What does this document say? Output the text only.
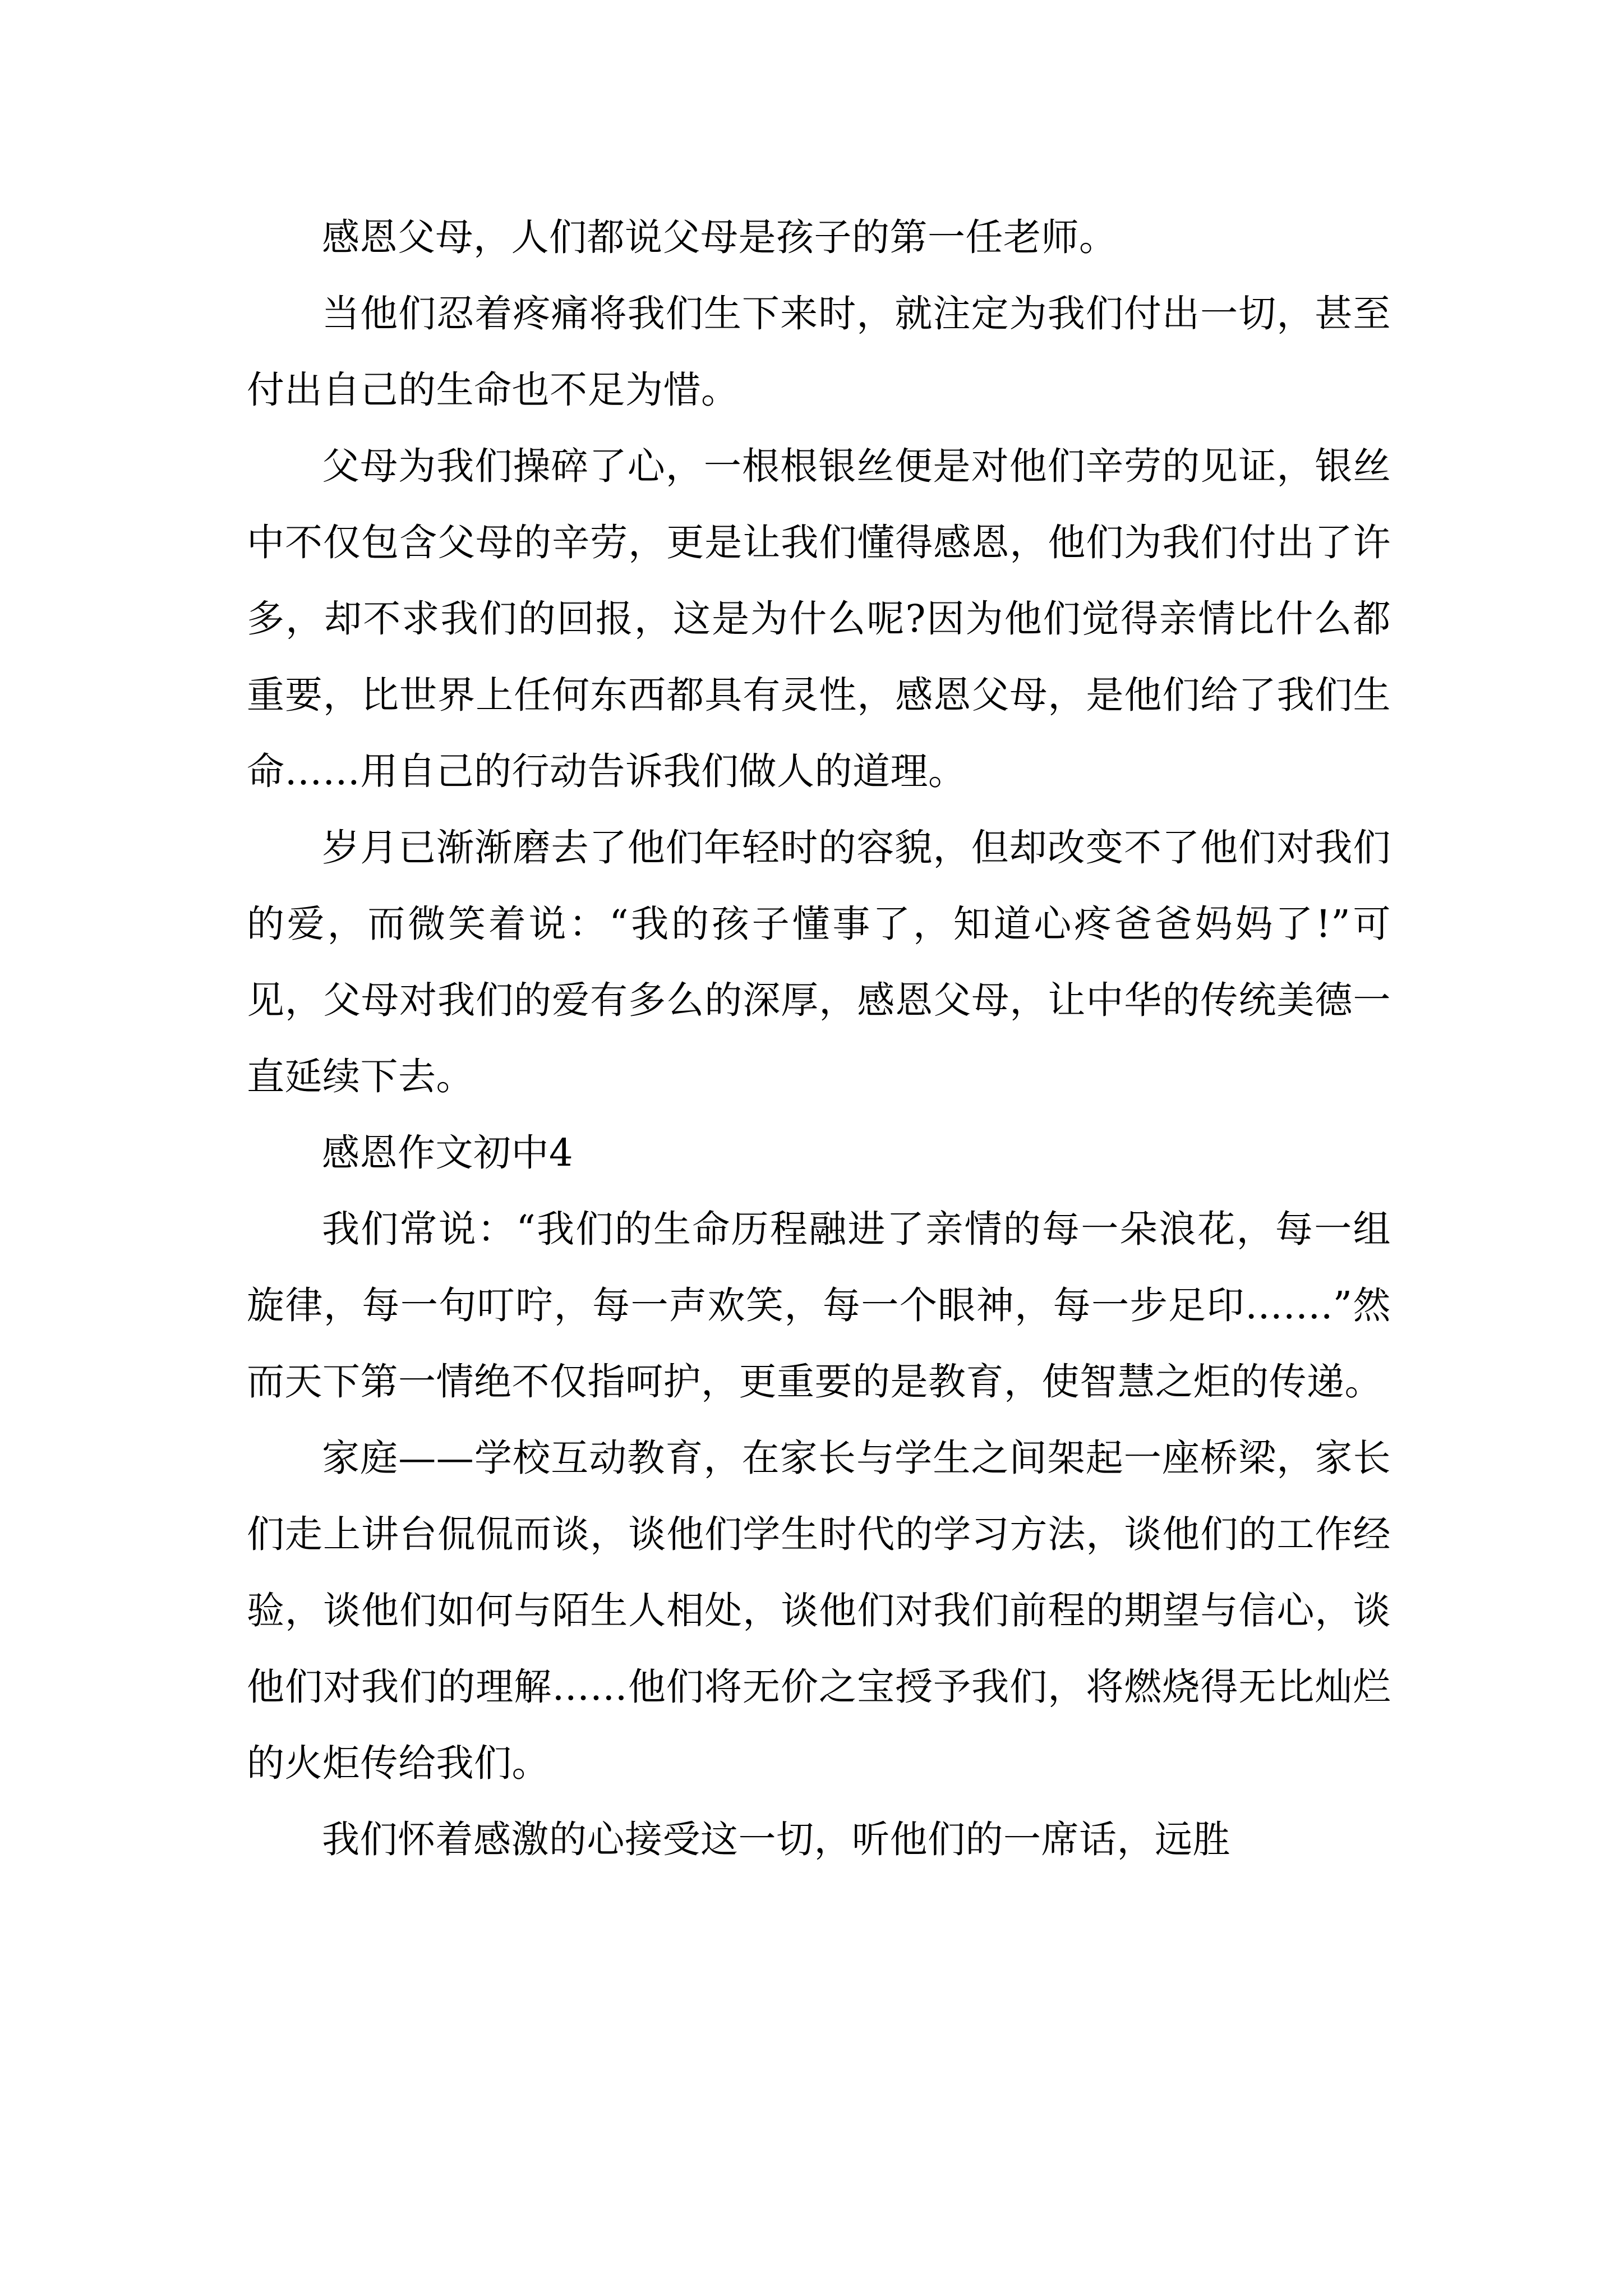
感恩父母，人们都说父母是孩子的第一任老师。

当他们忍着疼痛将我们生下来时，就注定为我们付出一切，甚至付出自己的生命也不足为惜。

父母为我们操碎了心，一根根银丝便是对他们辛劳的见证，银丝中不仅包含父母的辛劳，更是让我们懂得感恩，他们为我们付出了许多，却不求我们的回报，这是为什么呢?因为他们觉得亲情比什么都重要，比世界上任何东西都具有灵性，感恩父母，是他们给了我们生命……用自己的行动告诉我们做人的道理。

岁月已渐渐磨去了他们年轻时的容貌，但却改变不了他们对我们的爱，而微笑着说：“我的孩子懂事了，知道心疼爸爸妈妈了!”可见，父母对我们的爱有多么的深厚，感恩父母，让中华的传统美德一直延续下去。

感恩作文初中4

我们常说：“我们的生命历程融进了亲情的每一朵浪花，每一组旋律，每一句叮咛，每一声欢笑，每一个眼神，每一步足印…….”然而天下第一情绝不仅指呵护，更重要的是教育，使智慧之炬的传递。

家庭——学校互动教育，在家长与学生之间架起一座桥梁，家长们走上讲台侃侃而谈，谈他们学生时代的学习方法，谈他们的工作经验，谈他们如何与陌生人相处，谈他们对我们前程的期望与信心，谈他们对我们的理解……他们将无价之宝授予我们，将燃烧得无比灿烂的火炬传给我们。

我们怀着感激的心接受这一切，听他们的一席话，远胜
